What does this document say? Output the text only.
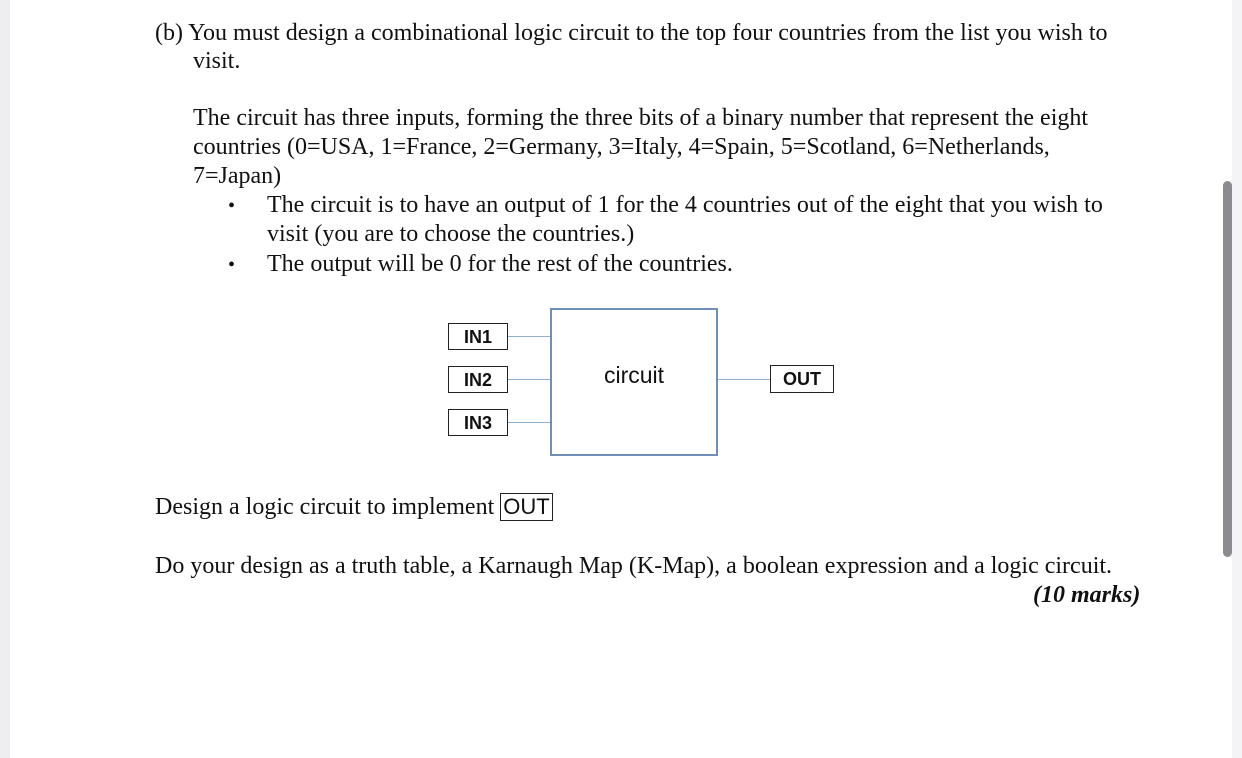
(b) You must design a combinational logic circuit to the top four countries from the list you wish to

visit.

The circuit has three inputs, forming the three bits of a binary number that represent the eight

countries (0=USA, 1=France, 2=Germany, 3=Italy, 4=Spain, 5=Scotland, 6=Netherlands,

7=Japan)

• The circuit is to have an output of 1 for the 4 countries out of the eight that you wish to

visit (you are to choose the countries.)

• The output will be 0 for the rest of the countries.

IN1
IN2
IN3
circuit	OUT

Design a logic circuit to implement OUT

Do your design as a truth table, a Karnaugh Map (K-Map), a boolean expression and a logic circuit.

(10 marks)
